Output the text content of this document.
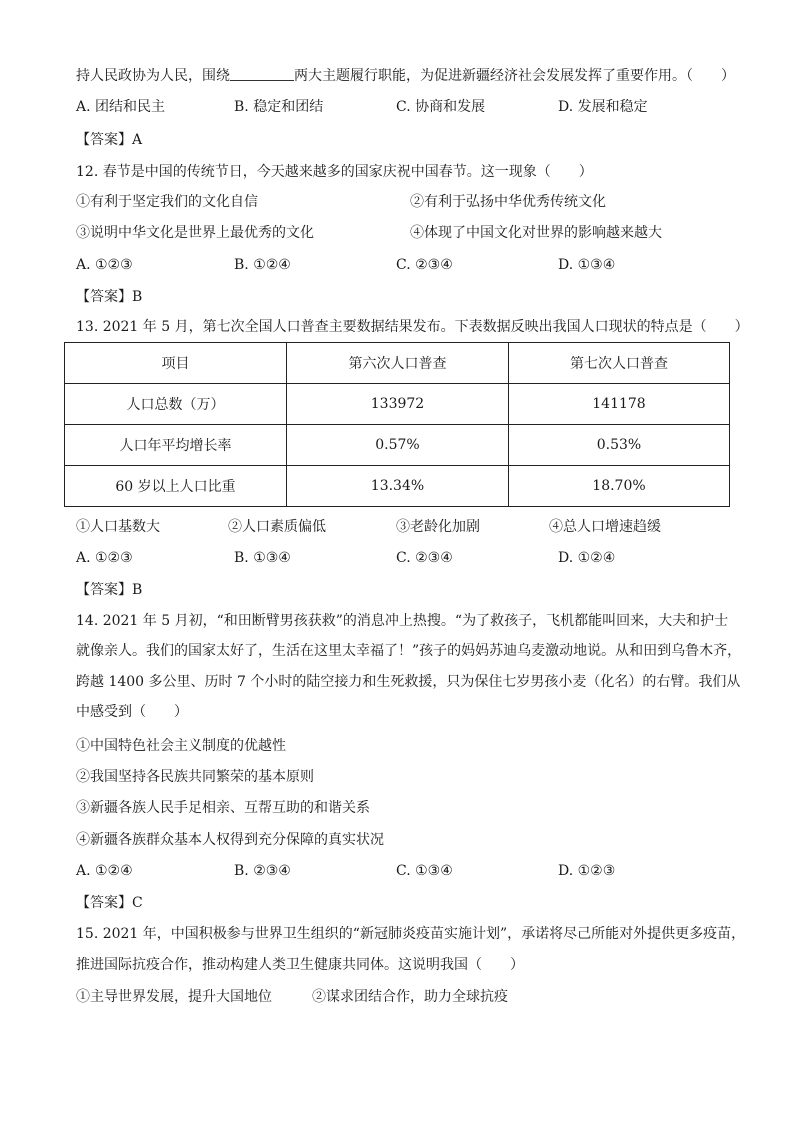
持人民政协为人民，围绕	两大主题履行职能，为促进新疆经济社会发展发挥了重要作用。（　　）
A. 团结和民主	B. 稳定和团结	C. 协商和发展	D. 发展和稳定
【答案】A
12. 春节是中国的传统节日，今天越来越多的国家庆祝中国春节。这一现象（　　）
①有利于坚定我们的文化自信	②有利于弘扬中华优秀传统文化
③说明中华文化是世界上最优秀的文化	④体现了中国文化对世界的影响越来越大
A. ①②③	B. ①②④	C. ②③④	D. ①③④
【答案】B
13. 2021 年 5 月，第七次全国人口普查主要数据结果发布。下表数据反映出我国人口现状的特点是（　　）
项目	第六次人口普查	第七次人口普查
人口总数（万）	133972	141178
人口年平均增长率	0.57%	0.53%
60 岁以上人口比重	13.34%	18.70%
①人口基数大	②人口素质偏低	③老龄化加剧	④总人口增速趋缓
A. ①②③	B. ①③④	C. ②③④	D. ①②④
【答案】B
14. 2021 年 5 月初，“和田断臂男孩获救”的消息冲上热搜。“为了救孩子，飞机都能叫回来，大夫和护士
就像亲人。我们的国家太好了，生活在这里太幸福了！”孩子的妈妈苏迪乌麦激动地说。从和田到乌鲁木齐，
跨越 1400 多公里、历时 7 个小时的陆空接力和生死救援，只为保住七岁男孩小麦（化名）的右臂。我们从
中感受到（　　）
①中国特色社会主义制度的优越性
②我国坚持各民族共同繁荣的基本原则
③新疆各族人民手足相亲、互帮互助的和谐关系
④新疆各族群众基本人权得到充分保障的真实状况
A. ①②④	B. ②③④	C. ①③④	D. ①②③
【答案】C
15. 2021 年，中国积极参与世界卫生组织的“新冠肺炎疫苗实施计划”，承诺将尽己所能对外提供更多疫苗，
推进国际抗疫合作，推动构建人类卫生健康共同体。这说明我国（　　）
①主导世界发展，提升大国地位	②谋求团结合作，助力全球抗疫
